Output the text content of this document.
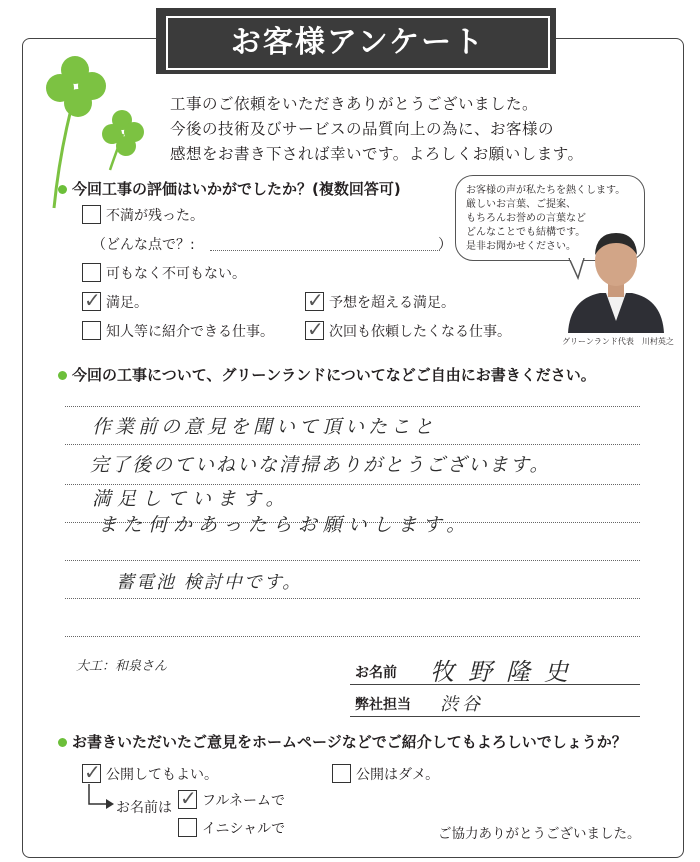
お客様アンケート
工事のご依頼をいただきありがとうございました。
今後の技術及びサービスの品質向上の為に、お客様の
感想をお書き下されば幸いです。よろしくお願いします。
今回工事の評価はいかがでしたか？(複数回答可)
不満が残った。
（どんな点で？:	）
可もなく不可もない。
✓ 満足。	✓ 予想を超える満足。
知人等に紹介できる仕事。 ✓ 次回も依頼したくなる仕事。
お客様の声が私たちを熱くします。
厳しいお言葉、ご提案、
もちろんお誉めの言葉など
どんなことでも結構です。
是非お聞かせください。
グリーンランド代表　川村英之
今回の工事について、グリーンランドについてなどご自由にお書きください。
作業前の意見を聞いて頂いたこと
完了後のていねいな清掃ありがとうございます。
満足しています。
また何かあったらお願いします。
蓄電池 検討中です。
大工：和泉さん	お名前 牧野隆史
弊社担当 渋谷
お書きいただいたご意見をホームページなどでご紹介してもよろしいでしょうか？
✓ 公開してもよい。	公開はダメ。
お名前は ✓ フルネームで
イニシャルで	ご協力ありがとうございました。
